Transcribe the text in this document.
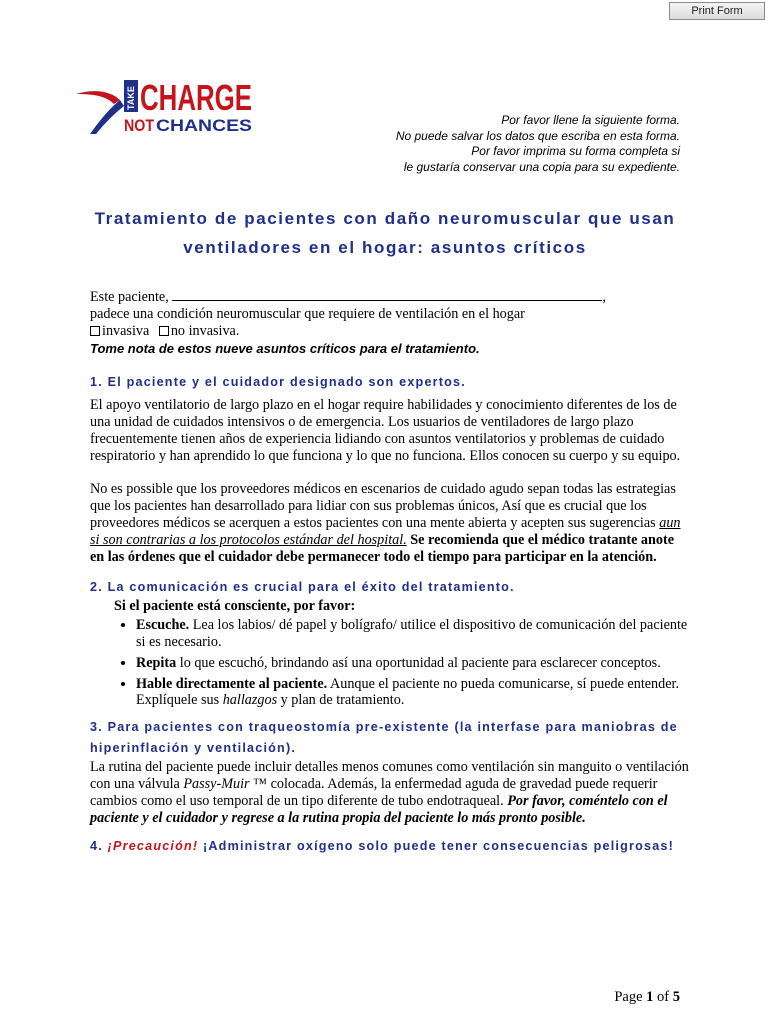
Print Form
TAKE CHARGE
NOT CHANCES	Por favor llene la siguiente forma.
No puede salvar los datos que escriba en esta forma.
Por favor imprima su forma completa si
le gustaría conservar una copia para su expediente.
Tratamiento de pacientes con daño neuromuscular que usan
ventiladores en el hogar: asuntos críticos

Este paciente,	,

padece una condición neuromuscular que requiere de ventilación en el hogar

invasiva no invasiva.

Tome nota de estos nueve asuntos críticos para el tratamiento.

1. El paciente y el cuidador designado son expertos.

El apoyo ventilatorio de largo plazo en el hogar require habilidades y conocimiento diferentes de los de una unidad de cuidados intensivos o de emergencia. Los usuarios de ventiladores de largo plazo frecuentemente tienen años de experiencia lidiando con asuntos ventilatorios y problemas de cuidado respiratorio y han aprendido lo que funciona y lo que no funciona. Ellos conocen su cuerpo y su equipo.

No es possible que los proveedores médicos en escenarios de cuidado agudo sepan todas las estrategias que los pacientes han desarrollado para lidiar con sus problemas únicos, Así que es crucial que los proveedores médicos se acerquen a estos pacientes con una mente abierta y acepten sus sugerencias aun si son contrarias a los protocolos estándar del hospital. Se recomienda que el médico tratante anote en las órdenes que el cuidador debe permanecer todo el tiempo para participar en la atención.

2. La comunicación es crucial para el éxito del tratamiento.

Si el paciente está consciente, por favor:

• Escuche. Lea los labios/ dé papel y bolígrafo/ utilice el dispositivo de comunicación del paciente si es necesario.
• Repita lo que escuchó, brindando así una oportunidad al paciente para esclarecer conceptos.
• Hable directamente al paciente. Aunque el paciente no pueda comunicarse, sí puede entender. Explíquele sus hallazgos y plan de tratamiento.

3. Para pacientes con traqueostomía pre-existente (la interfase para maniobras de hiperinflación y ventilación).

La rutina del paciente puede incluir detalles menos comunes como ventilación sin manguito o ventilación con una válvula Passy-Muir ™ colocada. Además, la enfermedad aguda de gravedad puede requerir cambios como el uso temporal de un tipo diferente de tubo endotraqueal. Por favor, coméntelo con el paciente y el cuidador y regrese a la rutina propia del paciente lo más pronto posible.

4. ¡Precaución! ¡Administrar oxígeno solo puede tener consecuencias peligrosas!

Page 1 of 5
